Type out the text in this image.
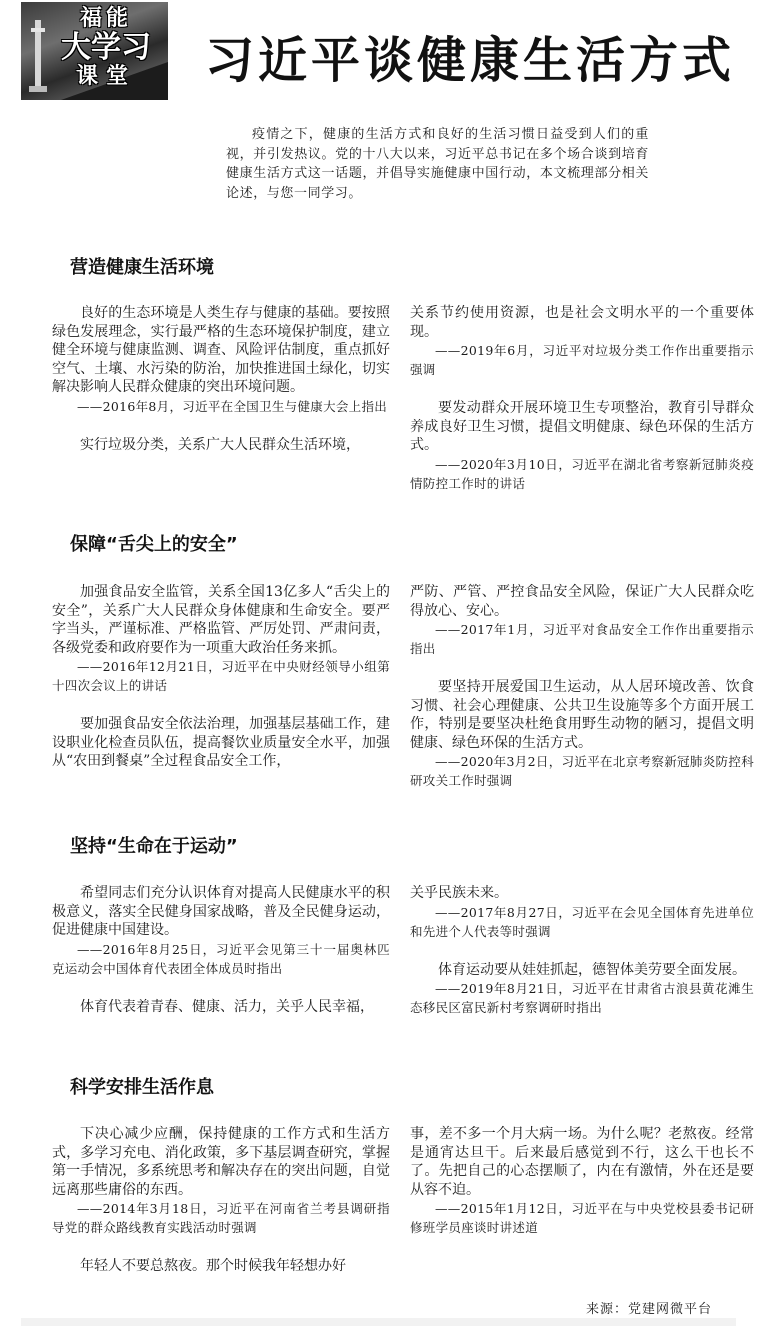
福能
大学习
课堂	习近平谈健康生活方式
疫情之下，健康的生活方式和良好的生活习惯日益受到人们的重视，并引发热议。党的十八大以来，习近平总书记在多个场合谈到培育健康生活方式这一话题，并倡导实施健康中国行动，本文梳理部分相关论述，与您一同学习。
营造健康生活环境
保障“舌尖上的安全”
坚持“生命在于运动”
科学安排生活作息
良好的生态环境是人类生存与健康的基础。要按照绿色发展理念，实行最严格的生态环境保护制度，建立健全环境与健康监测、调查、风险评估制度，重点抓好空气、土壤、水污染的防治，加快推进国土绿化，切实解决影响人民群众健康的突出环境问题。
——2016年8月，习近平在全国卫生与健康大会上指出
实行垃圾分类，关系广大人民群众生活环境，
关系节约使用资源，也是社会文明水平的一个重要体现。
——2019年6月，习近平对垃圾分类工作作出重要指示强调
要发动群众开展环境卫生专项整治，教育引导群众养成良好卫生习惯，提倡文明健康、绿色环保的生活方式。
——2020年3月10日，习近平在湖北省考察新冠肺炎疫情防控工作时的讲话
加强食品安全监管，关系全国13亿多人“舌尖上的安全”，关系广大人民群众身体健康和生命安全。要严字当头，严谨标准、严格监管、严厉处罚、严肃问责，各级党委和政府要作为一项重大政治任务来抓。
——2016年12月21日，习近平在中央财经领导小组第十四次会议上的讲话
要加强食品安全依法治理，加强基层基础工作，建设职业化检查员队伍，提高餐饮业质量安全水平，加强从“农田到餐桌”全过程食品安全工作，
严防、严管、严控食品安全风险，保证广大人民群众吃得放心、安心。
——2017年1月，习近平对食品安全工作作出重要指示指出
要坚持开展爱国卫生运动，从人居环境改善、饮食习惯、社会心理健康、公共卫生设施等多个方面开展工作，特别是要坚决杜绝食用野生动物的陋习，提倡文明健康、绿色环保的生活方式。
——2020年3月2日，习近平在北京考察新冠肺炎防控科研攻关工作时强调
希望同志们充分认识体育对提高人民健康水平的积极意义，落实全民健身国家战略，普及全民健身运动，促进健康中国建设。
——2016年8月25日，习近平会见第三十一届奥林匹克运动会中国体育代表团全体成员时指出
体育代表着青春、健康、活力，关乎人民幸福，
关乎民族未来。
——2017年8月27日，习近平在会见全国体育先进单位和先进个人代表等时强调
体育运动要从娃娃抓起，德智体美劳要全面发展。
——2019年8月21日，习近平在甘肃省古浪县黄花滩生态移民区富民新村考察调研时指出
下决心减少应酬，保持健康的工作方式和生活方式，多学习充电、消化政策，多下基层调查研究，掌握第一手情况，多系统思考和解决存在的突出问题，自觉远离那些庸俗的东西。
——2014年3月18日，习近平在河南省兰考县调研指导党的群众路线教育实践活动时强调
年轻人不要总熬夜。那个时候我年轻想办好
事，差不多一个月大病一场。为什么呢？老熬夜。经常是通宵达旦干。后来最后感觉到不行，这么干也长不了。先把自己的心态摆顺了，内在有激情，外在还是要从容不迫。
——2015年1月12日，习近平在与中央党校县委书记研修班学员座谈时讲述道
来源：党建网微平台
